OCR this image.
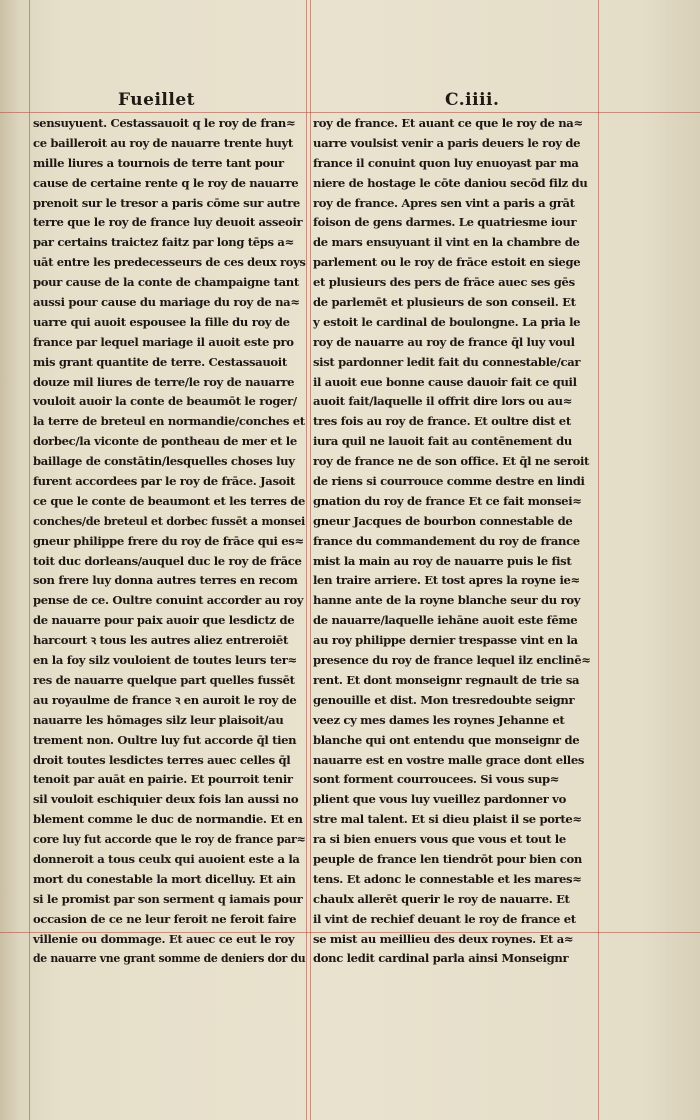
Fueillet	C.iiii.
sensuyuent. Cestassauoit q le roy de fran≈
ce bailleroit au roy de nauarre trente huyt
mille liures a tournois de terre tant pour
cause de certaine rente q le roy de nauarre
prenoit sur le tresor a paris cōme sur autre
terre que le roy de france luy deuoit asseoir
par certains traictez faitz par long tēps a≈
uāt entre les predecesseurs de ces deux roys
pour cause de la conte de champaigne tant
aussi pour cause du mariage du roy de na≈
uarre qui auoit espousee la fille du roy de
france par lequel mariage il auoit este pro
mis grant quantite de terre. Cestassauoit
douze mil liures de terre/le roy de nauarre
vouloit auoir la conte de beaumōt le roger/
la terre de breteul en normandie/conches et
dorbec/la viconte de pontheau de mer et le
baillage de constātin/lesquelles choses luy
furent accordees par le roy de frāce. Jasoit
ce que le conte de beaumont et les terres de
conches/de breteul et dorbec fussēt a monsei
gneur philippe frere du roy de frāce qui es≈
toit duc dorleans/auquel duc le roy de frāce
son frere luy donna autres terres en recom
pense de ce. Oultre conuint accorder au roy
de nauarre pour paix auoir que lesdictz de
harcourt ꝛ tous les autres aliez entreroiēt
en la foy silz vouloient de toutes leurs ter≈
res de nauarre quelque part quelles fussēt
au royaulme de france ꝛ en auroit le roy de
nauarre les hōmages silz leur plaisoit/au
trement non. Oultre luy fut accorde q̄l tien
droit toutes lesdictes terres auec celles q̄l
tenoit par auāt en pairie. Et pourroit tenir
sil vouloit eschiquier deux fois lan aussi no
blement comme le duc de normandie. Et en
core luy fut accorde que le roy de france par≈
donneroit a tous ceulx qui auoient este a la
mort du conestable la mort dicelluy. Et ain
si le promist par son serment q iamais pour
occasion de ce ne leur feroit ne feroit faire
villenie ou dommage. Et auec ce eut le roy
de nauarre vne grant somme de deniers dor du
roy de france. Et auant ce que le roy de na≈
uarre voulsist venir a paris deuers le roy de
france il conuint quon luy enuoyast par ma
niere de hostage le cōte daniou secōd filz du
roy de france. Apres sen vint a paris a grāt
foison de gens darmes. Le quatriesme iour
de mars ensuyuant il vint en la chambre de
parlement ou le roy de frāce estoit en siege
et plusieurs des pers de frāce auec ses gēs
de parlemēt et plusieurs de son conseil. Et
y estoit le cardinal de boulongne. La pria le
roy de nauarre au roy de france q̄l luy voul
sist pardonner ledit fait du connestable/car
il auoit eue bonne cause dauoir fait ce quil
auoit fait/laquelle il offrit dire lors ou au≈
tres fois au roy de france. Et oultre dist et
iura quil ne lauoit fait au contēnement du
roy de france ne de son office. Et q̄l ne seroit
de riens si courrouce comme destre en lindi
gnation du roy de france Et ce fait monsei≈
gneur Jacques de bourbon connestable de
france du commandement du roy de france
mist la main au roy de nauarre puis le fist
len traire arriere. Et tost apres la royne ie≈
hanne ante de la royne blanche seur du roy
de nauarre/laquelle iehāne auoit este fēme
au roy philippe dernier trespasse vint en la
presence du roy de france lequel ilz enclinē≈
rent. Et dont monseignr regnault de trie sa
genouille et dist. Mon tresredoubte seignr
veez cy mes dames les roynes Jehanne et
blanche qui ont entendu que monseignr de
nauarre est en vostre malle grace dont elles
sont forment courroucees. Si vous sup≈
plient que vous luy vueillez pardonner vo
stre mal talent. Et si dieu plaist il se porte≈
ra si bien enuers vous que vous et tout le
peuple de france len tiendrōt pour bien con
tens. Et adonc le connestable et les mares≈
chaulx allerēt querir le roy de nauarre. Et
il vint de rechief deuant le roy de france et
se mist au meillieu des deux roynes. Et a≈
donc ledit cardinal parla ainsi Monseignr
